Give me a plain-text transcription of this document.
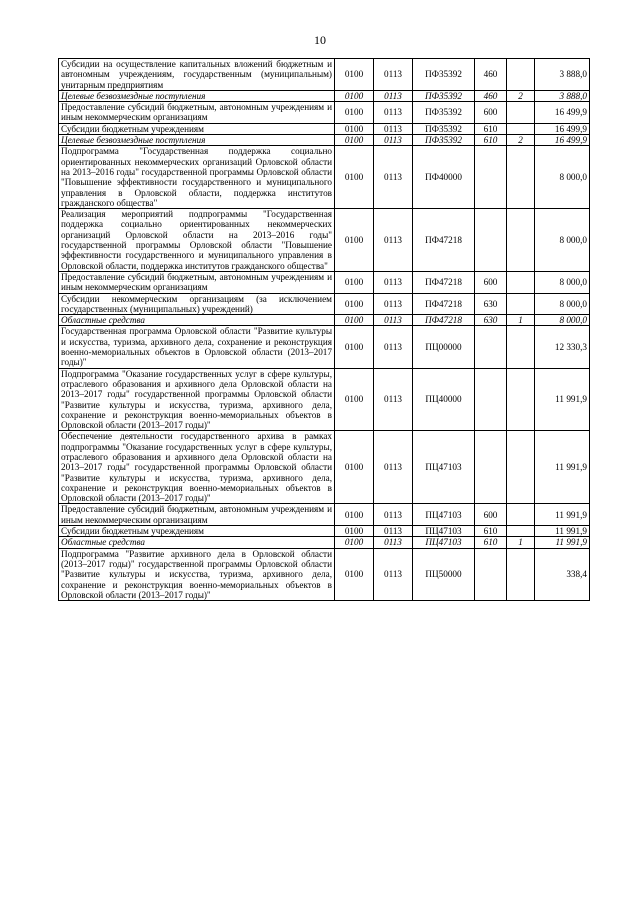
10
Субсидии на осуществление капитальных вложений бюджетным и автономным учреждениям, государственным (муниципальным) унитарным предприятиям	0100	0113	ПФ35392	460		3 888,0
Целевые безвозмездные поступления	0100	0113	ПФ35392	460	2	3 888,0
Предоставление субсидий бюджетным, автономным учреждениям и иным некоммерческим организациям	0100	0113	ПФ35392	600		16 499,9
Субсидии бюджетным учреждениям	0100	0113	ПФ35392	610		16 499,9
Целевые безвозмездные поступления	0100	0113	ПФ35392	610	2	16 499,9
Подпрограмма "Государственная поддержка социально ориентированных некоммерческих организаций Орловской области на 2013–2016 годы" государственной программы Орловской области "Повышение эффективности государственного и муниципального управления в Орловской области, поддержка институтов гражданского общества"	0100	0113	ПФ40000			8 000,0
Реализация мероприятий подпрограммы "Государственная поддержка социально ориентированных некоммерческих организаций Орловской области на 2013–2016 годы" государственной программы Орловской области "Повышение эффективности государственного и муниципального управления в Орловской области, поддержка институтов гражданского общества"	0100	0113	ПФ47218			8 000,0
Предоставление субсидий бюджетным, автономным учреждениям и иным некоммерческим организациям	0100	0113	ПФ47218	600		8 000,0
Субсидии некоммерческим организациям (за исключением государственных (муниципальных) учреждений)	0100	0113	ПФ47218	630		8 000,0
Областные средства	0100	0113	ПФ47218	630	1	8 000,0
Государственная программа Орловской области "Развитие культуры и искусства, туризма, архивного дела, сохранение и реконструкция военно-мемориальных объектов в Орловской области (2013–2017 годы)"	0100	0113	ПЦ00000			12 330,3
Подпрограмма "Оказание государственных услуг в сфере культуры, отраслевого образования и архивного дела Орловской области на 2013–2017 годы" государственной программы Орловской области "Развитие культуры и искусства, туризма, архивного дела, сохранение и реконструкция военно-мемориальных объектов в Орловской области (2013–2017 годы)"	0100	0113	ПЦ40000			11 991,9
Обеспечение деятельности государственного архива в рамках подпрограммы "Оказание государственных услуг в сфере культуры, отраслевого образования и архивного дела Орловской области на 2013–2017 годы" государственной программы Орловской области "Развитие культуры и искусства, туризма, архивного дела, сохранение и реконструкция военно-мемориальных объектов в Орловской области (2013–2017 годы)"	0100	0113	ПЦ47103			11 991,9
Предоставление субсидий бюджетным, автономным учреждениям и иным некоммерческим организациям	0100	0113	ПЦ47103	600		11 991,9
Субсидии бюджетным учреждениям	0100	0113	ПЦ47103	610		11 991,9
Областные средства	0100	0113	ПЦ47103	610	1	11 991,9
Подпрограмма "Развитие архивного дела в Орловской области (2013–2017 годы)" государственной программы Орловской области "Развитие культуры и искусства, туризма, архивного дела, сохранение и реконструкция военно-мемориальных объектов в Орловской области (2013–2017 годы)"	0100	0113	ПЦ50000			338,4
